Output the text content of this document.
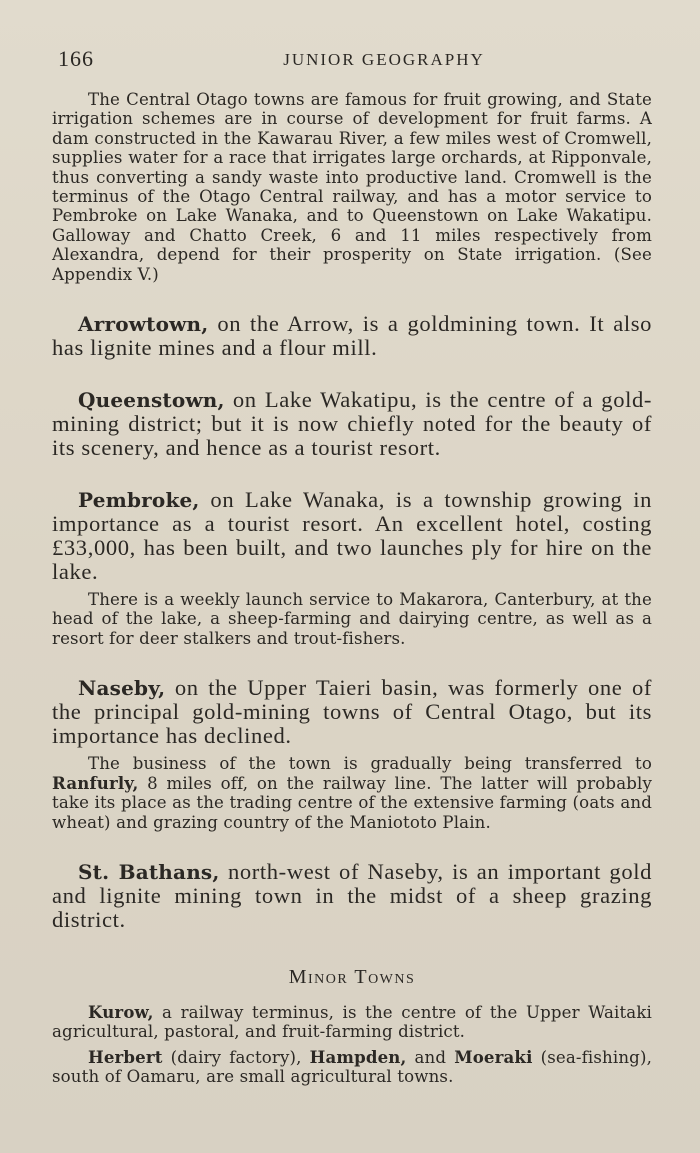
166	JUNIOR GEOGRAPHY

The Central Otago towns are famous for fruit growing, and State irrigation schemes are in course of development for fruit farms. A dam constructed in the Kawarau River, a few miles west of Cromwell, supplies water for a race that irrigates large orchards, at Ripponvale, thus converting a sandy waste into productive land. Cromwell is the terminus of the Otago Central railway, and has a motor service to Pembroke on Lake Wanaka, and to Queenstown on Lake Wakatipu. Galloway and Chatto Creek, 6 and 11 miles respectively from Alexandra, depend for their prosperity on State irrigation. (See Appendix V.)

Arrowtown, on the Arrow, is a goldmining town. It also has lignite mines and a flour mill.

Queenstown, on Lake Wakatipu, is the centre of a gold-mining district; but it is now chiefly noted for the beauty of its scenery, and hence as a tourist resort.

Pembroke, on Lake Wanaka, is a township growing in importance as a tourist resort. An excellent hotel, costing £33,000, has been built, and two launches ply for hire on the lake.

There is a weekly launch service to Makarora, Canterbury, at the head of the lake, a sheep-farming and dairying centre, as well as a resort for deer stalkers and trout-fishers.

Naseby, on the Upper Taieri basin, was formerly one of the principal gold-mining towns of Central Otago, but its importance has declined.

The business of the town is gradually being transferred to Ranfurly, 8 miles off, on the railway line. The latter will probably take its place as the trading centre of the extensive farming (oats and wheat) and grazing country of the Maniototo Plain.

St. Bathans, north-west of Naseby, is an important gold and lignite mining town in the midst of a sheep grazing district.

Minor Towns

Kurow, a railway terminus, is the centre of the Upper Waitaki agricultural, pastoral, and fruit-farming district.

Herbert (dairy factory), Hampden, and Moeraki (sea-fishing), south of Oamaru, are small agricultural towns.
